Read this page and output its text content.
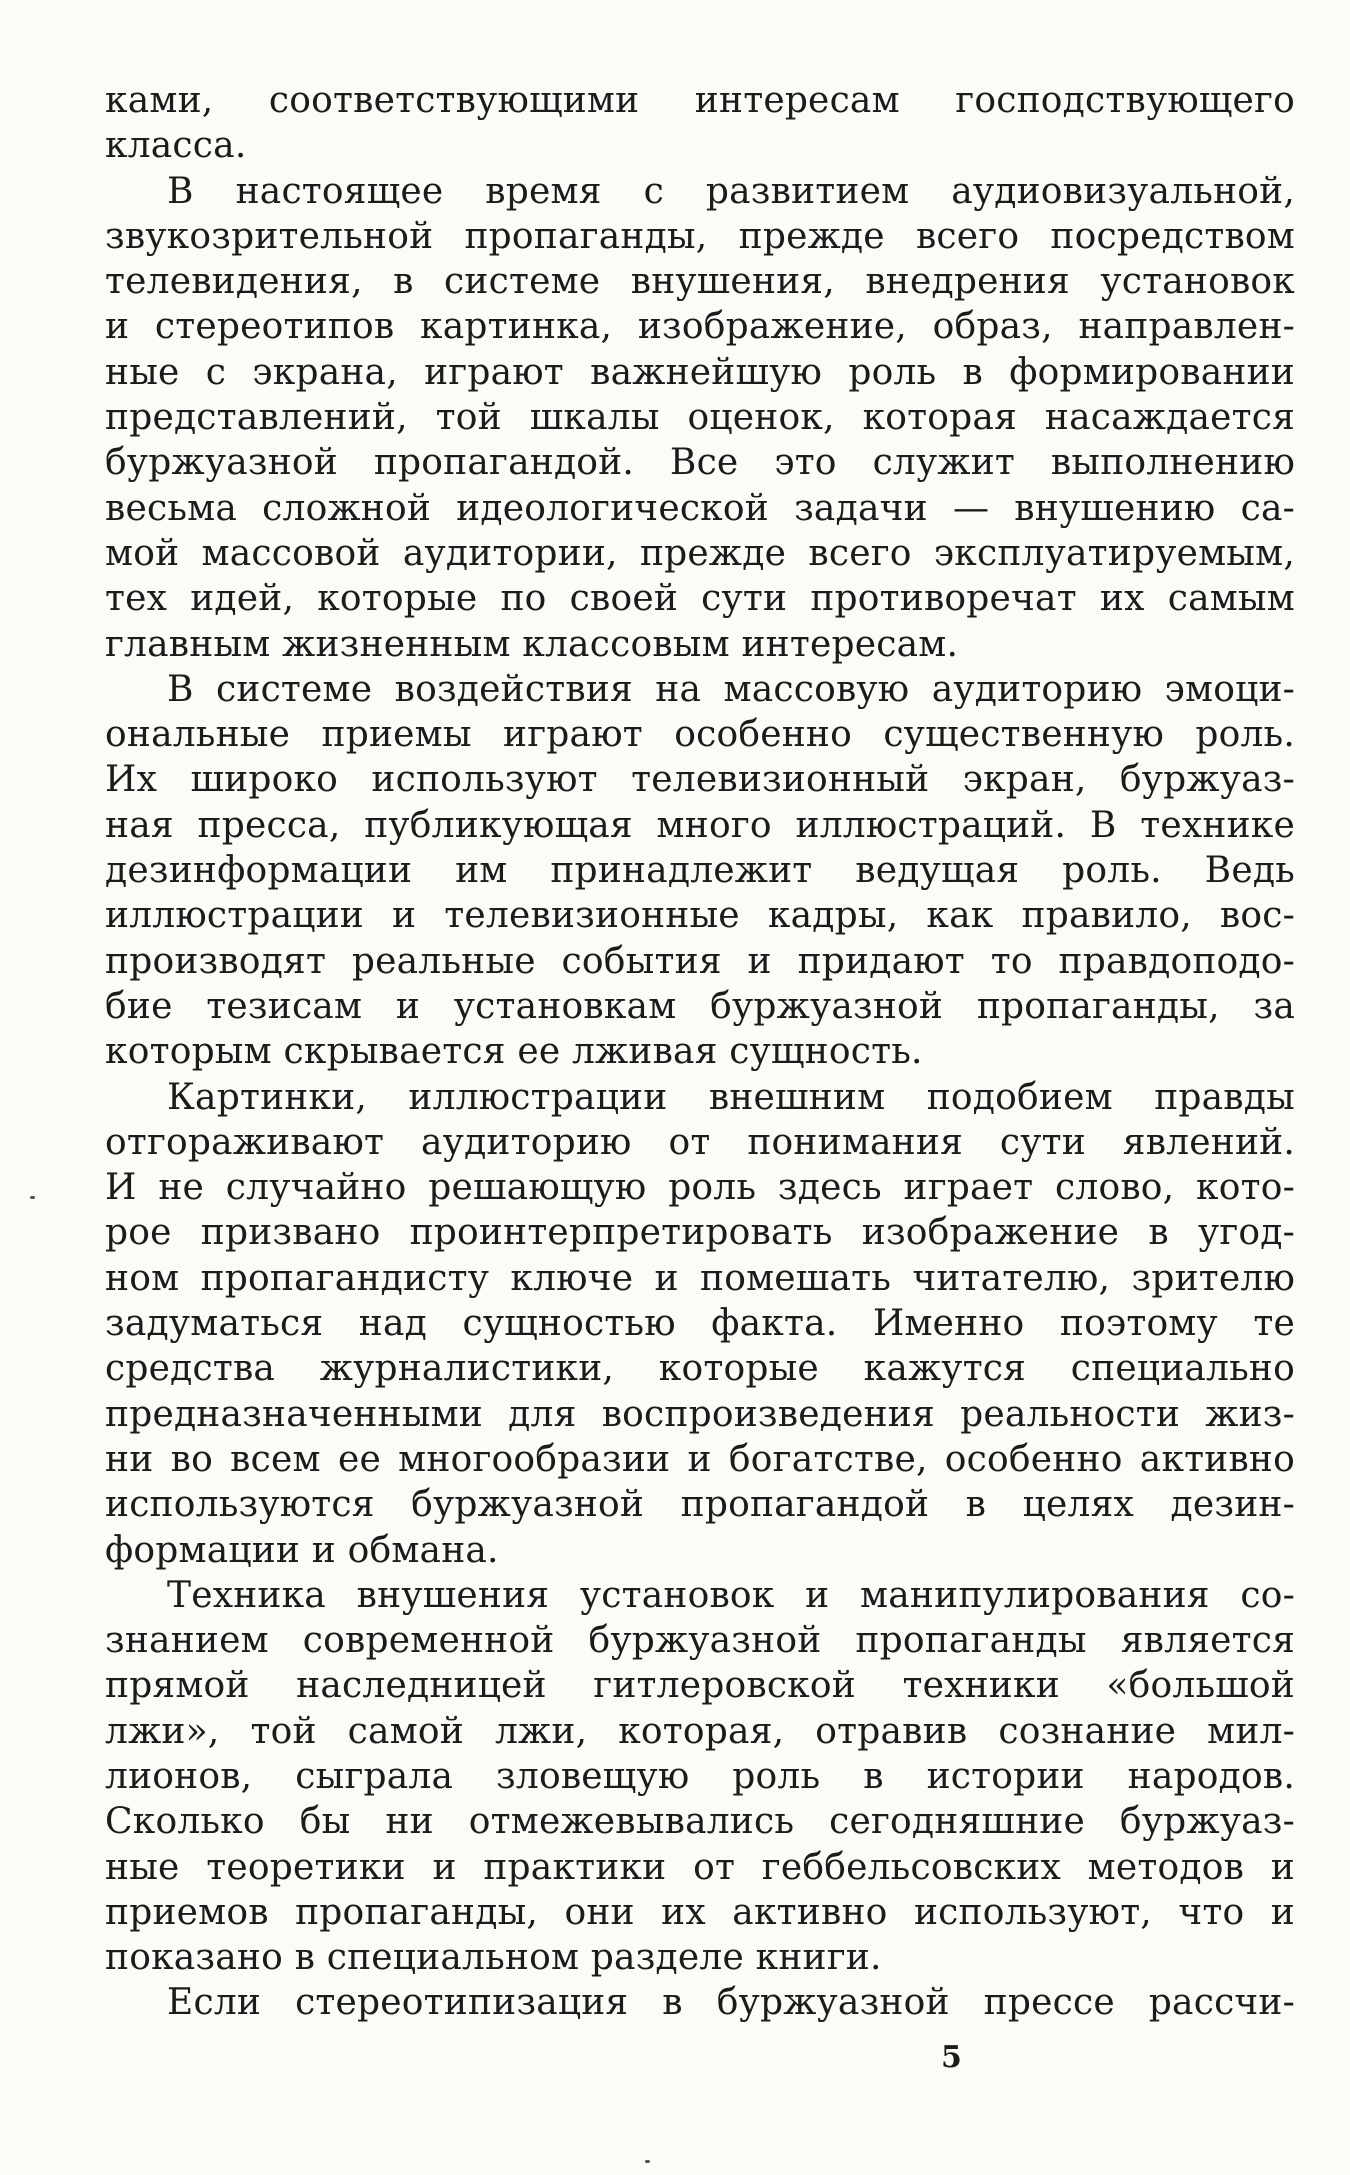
ками, соответствующими интересам господствующего
класса.
В настоящее время с развитием аудиовизуальной,
звукозрительной пропаганды, прежде всего посредством
телевидения, в системе внушения, внедрения установок
и стереотипов картинка, изображение, образ, направлен-
ные с экрана, играют важнейшую роль в формировании
представлений, той шкалы оценок, которая насаждается
буржуазной пропагандой. Все это служит выполнению
весьма сложной идеологической задачи — внушению са-
мой массовой аудитории, прежде всего эксплуатируемым,
тех идей, которые по своей сути противоречат их самым
главным жизненным классовым интересам.
В системе воздействия на массовую аудиторию эмоци-
ональные приемы играют особенно существенную роль.
Их широко используют телевизионный экран, буржуаз-
ная пресса, публикующая много иллюстраций. В технике
дезинформации им принадлежит ведущая роль. Ведь
иллюстрации и телевизионные кадры, как правило, вос-
производят реальные события и придают то правдоподо-
бие тезисам и установкам буржуазной пропаганды, за
которым скрывается ее лживая сущность.
Картинки, иллюстрации внешним подобием правды
отгораживают аудиторию от понимания сути явлений.
И не случайно решающую роль здесь играет слово, кото-
рое призвано проинтерпретировать изображение в угод-
ном пропагандисту ключе и помешать читателю, зрителю
задуматься над сущностью факта. Именно поэтому те
средства журналистики, которые кажутся специально
предназначенными для воспроизведения реальности жиз-
ни во всем ее многообразии и богатстве, особенно активно
используются буржуазной пропагандой в целях дезин-
формации и обмана.
Техника внушения установок и манипулирования со-
знанием современной буржуазной пропаганды является
прямой наследницей гитлеровской техники «большой
лжи», той самой лжи, которая, отравив сознание мил-
лионов, сыграла зловещую роль в истории народов.
Сколько бы ни отмежевывались сегодняшние буржуаз-
ные теоретики и практики от геббельсовских методов и
приемов пропаганды, они их активно используют, что и
показано в специальном разделе книги.
Если стереотипизация в буржуазной прессе рассчи-
5
